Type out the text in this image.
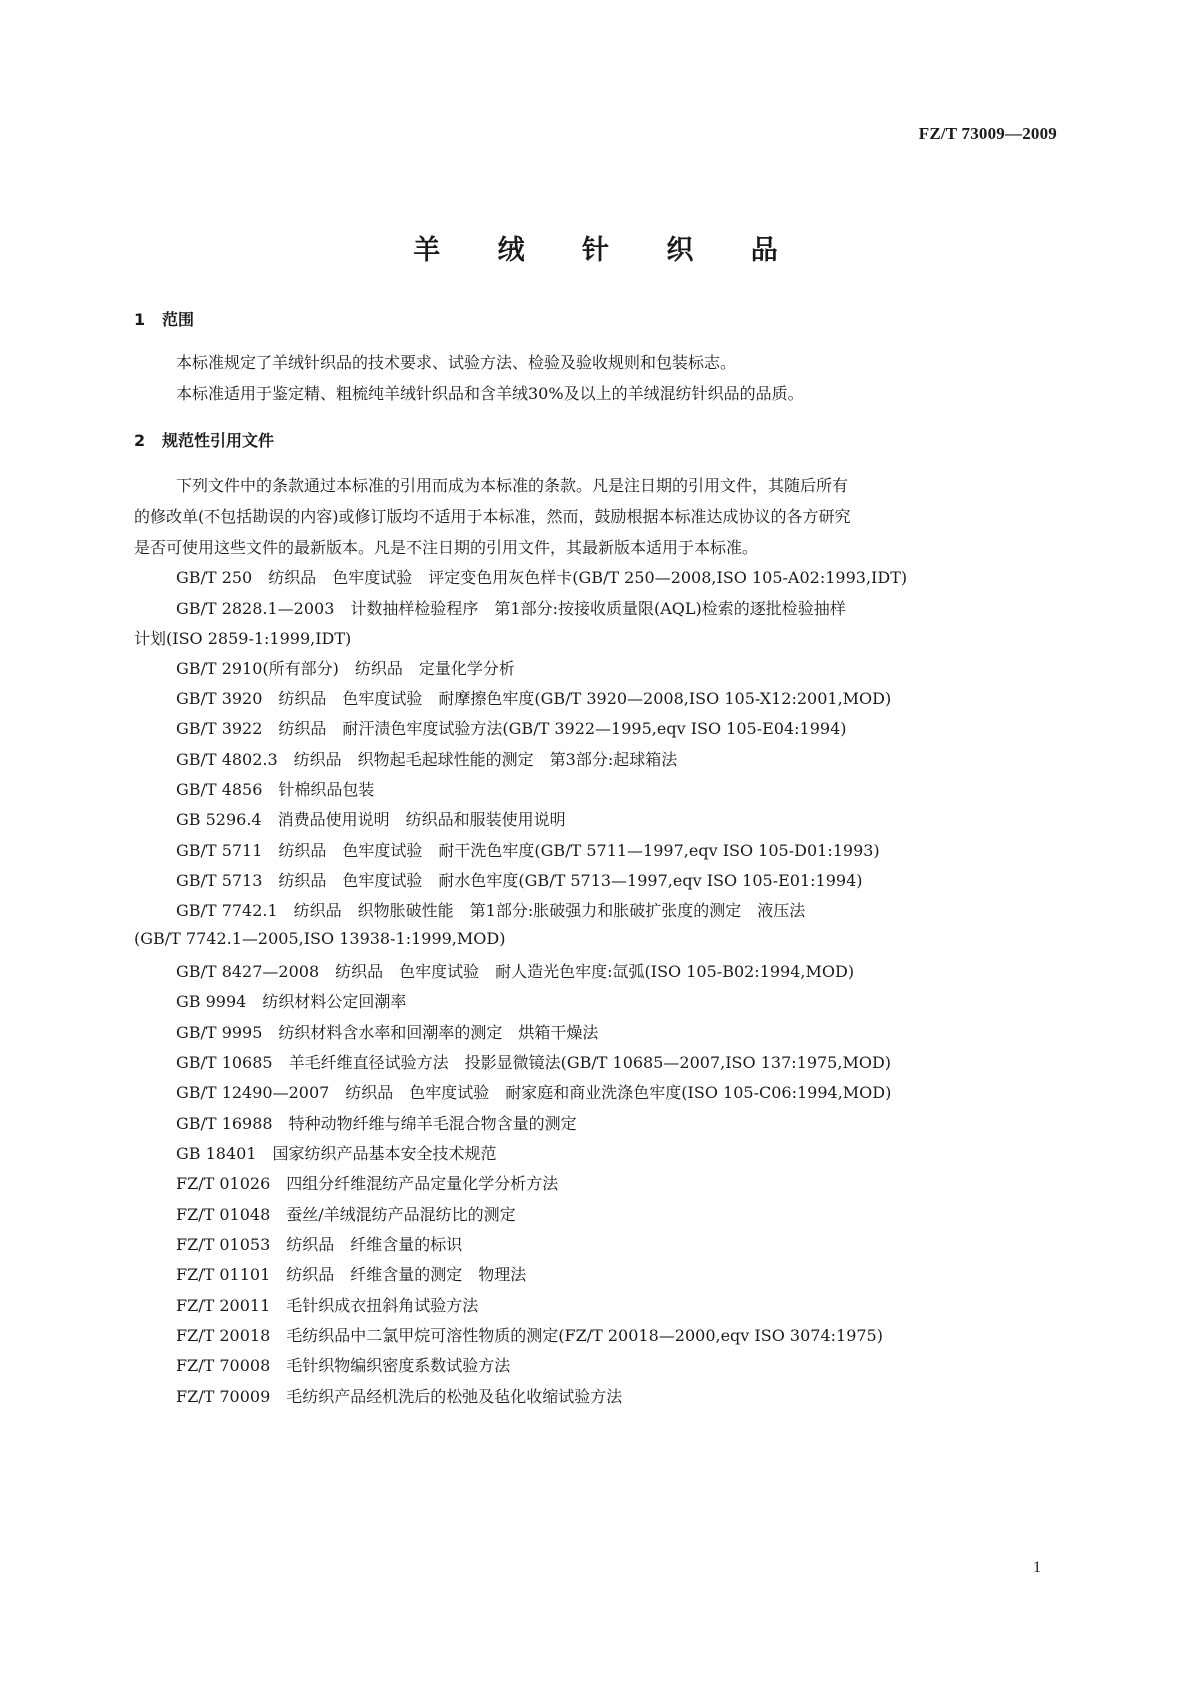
FZ/T 73009—2009
羊 绒 针 织 品
1 范围
本标准规定了羊绒针织品的技术要求、试验方法、检验及验收规则和包装标志。
本标准适用于鉴定精、粗梳纯羊绒针织品和含羊绒30%及以上的羊绒混纺针织品的品质。
2 规范性引用文件
下列文件中的条款通过本标准的引用而成为本标准的条款。凡是注日期的引用文件，其随后所有
的修改单(不包括勘误的内容)或修订版均不适用于本标准，然而，鼓励根据本标准达成协议的各方研究
是否可使用这些文件的最新版本。凡是不注日期的引用文件，其最新版本适用于本标准。
GB/T 250　纺织品　色牢度试验　评定变色用灰色样卡(GB/T 250—2008,ISO 105-A02:1993,IDT)
GB/T 2828.1—2003　计数抽样检验程序　第1部分:按接收质量限(AQL)检索的逐批检验抽样
计划(ISO 2859-1:1999,IDT)
GB/T 2910(所有部分)　纺织品　定量化学分析
GB/T 3920　纺织品　色牢度试验　耐摩擦色牢度(GB/T 3920—2008,ISO 105-X12:2001,MOD)
GB/T 3922　纺织品　耐汗渍色牢度试验方法(GB/T 3922—1995,eqv ISO 105-E04:1994)
GB/T 4802.3　纺织品　织物起毛起球性能的测定　第3部分:起球箱法
GB/T 4856　针棉织品包装
GB 5296.4　消费品使用说明　纺织品和服装使用说明
GB/T 5711　纺织品　色牢度试验　耐干洗色牢度(GB/T 5711—1997,eqv ISO 105-D01:1993)
GB/T 5713　纺织品　色牢度试验　耐水色牢度(GB/T 5713—1997,eqv ISO 105-E01:1994)
GB/T 7742.1　纺织品　织物胀破性能　第1部分:胀破强力和胀破扩张度的测定　液压法
(GB/T 7742.1—2005,ISO 13938-1:1999,MOD)
GB/T 8427—2008　纺织品　色牢度试验　耐人造光色牢度:氙弧(ISO 105-B02:1994,MOD)
GB 9994　纺织材料公定回潮率
GB/T 9995　纺织材料含水率和回潮率的测定　烘箱干燥法
GB/T 10685　羊毛纤维直径试验方法　投影显微镜法(GB/T 10685—2007,ISO 137:1975,MOD)
GB/T 12490—2007　纺织品　色牢度试验　耐家庭和商业洗涤色牢度(ISO 105-C06:1994,MOD)
GB/T 16988　特种动物纤维与绵羊毛混合物含量的测定
GB 18401　国家纺织产品基本安全技术规范
FZ/T 01026　四组分纤维混纺产品定量化学分析方法
FZ/T 01048　蚕丝/羊绒混纺产品混纺比的测定
FZ/T 01053　纺织品　纤维含量的标识
FZ/T 01101　纺织品　纤维含量的测定　物理法
FZ/T 20011　毛针织成衣扭斜角试验方法
FZ/T 20018　毛纺织品中二氯甲烷可溶性物质的测定(FZ/T 20018—2000,eqv ISO 3074:1975)
FZ/T 70008　毛针织物编织密度系数试验方法
FZ/T 70009　毛纺织产品经机洗后的松弛及毡化收缩试验方法
1
